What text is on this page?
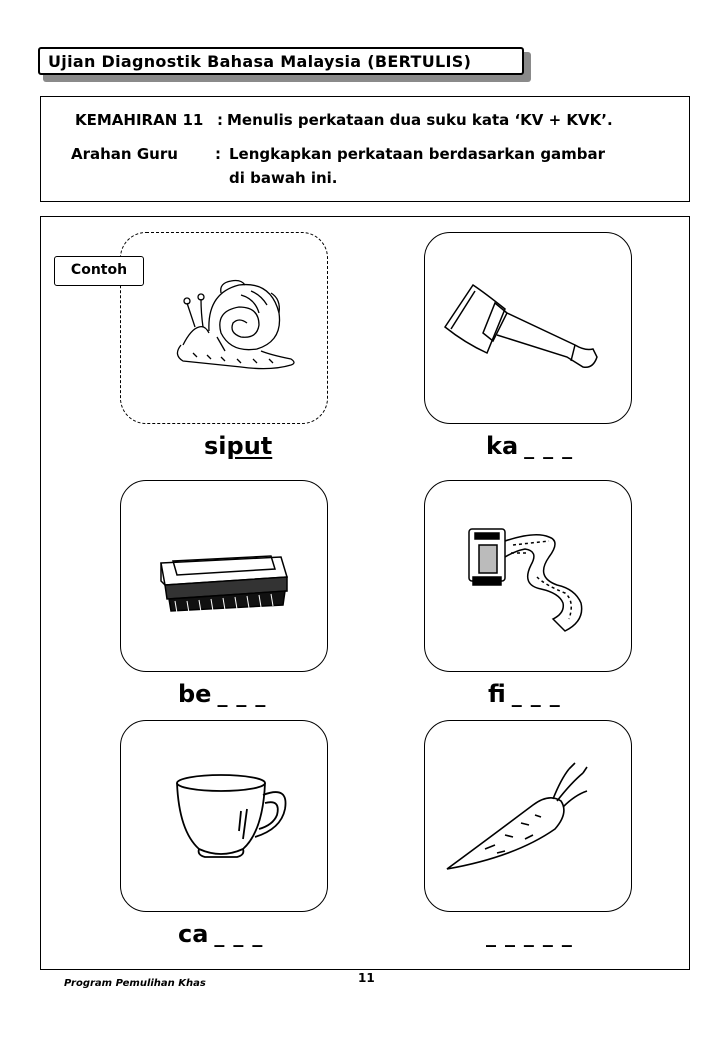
Ujian Diagnostik Bahasa Malaysia (BERTULIS)
KEMAHIRAN 11 : Menulis perkataan dua suku kata ‘KV + KVK’.
Arahan Guru : Lengkapkan perkataan berdasarkan gambar
di bawah ini.
Contoh
siput	ka _ _ _
be _ _ _	fi _ _ _
ca _ _ _	_ _ _ _ _
Program Pemulihan Khas	11
